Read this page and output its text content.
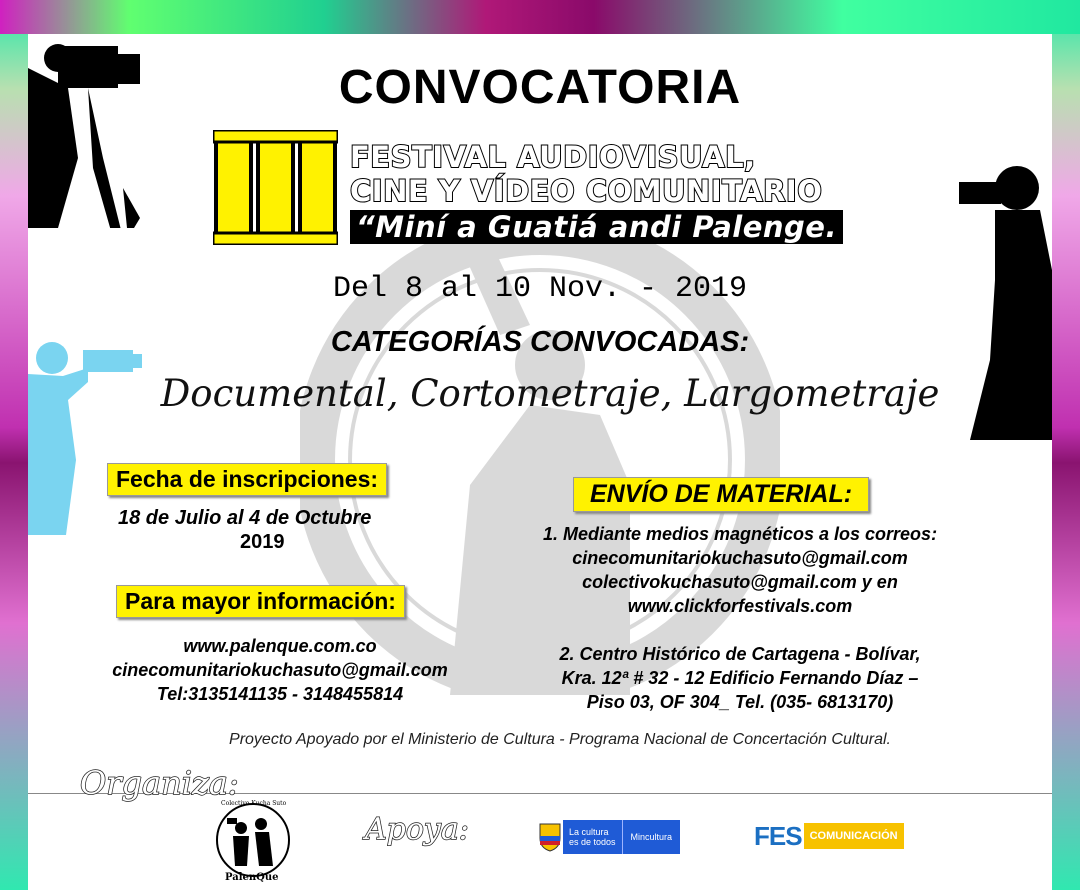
CONVOCATORIA
FESTIVAL AUDIOVISUAL,
CINE Y VÍDEO COMUNITARIO
“Miní a Guatiá andi Palenge.
Del 8 al 10 Nov. - 2019
CATEGORÍAS CONVOCADAS:
Documental, Cortometraje, Largometraje
Fecha de inscripciones:
18 de Julio al 4 de Octubre
2019
Para mayor información:
www.palenque.com.co
cinecomunitariokuchasuto@gmail.com
Tel:3135141135 - 3148455814
ENVÍO DE MATERIAL:
1. Mediante medios magnéticos a los correos:
cinecomunitariokuchasuto@gmail.com
colectivokuchasuto@gmail.com y en
www.clickforfestivals.com
2. Centro Histórico de Cartagena - Bolívar,
Kra. 12ª # 32 - 12 Edificio Fernando Díaz –
Piso 03, OF 304_ Tel. (035- 6813170)
Proyecto Apoyado por el Ministerio de Cultura - Programa Nacional de Concertación Cultural.
Organiza:
Colectivo Kucha Suto
PalenQue
Apoya:	La cultura
es de todos	Mincultura	FES COMUNICACIÓN
